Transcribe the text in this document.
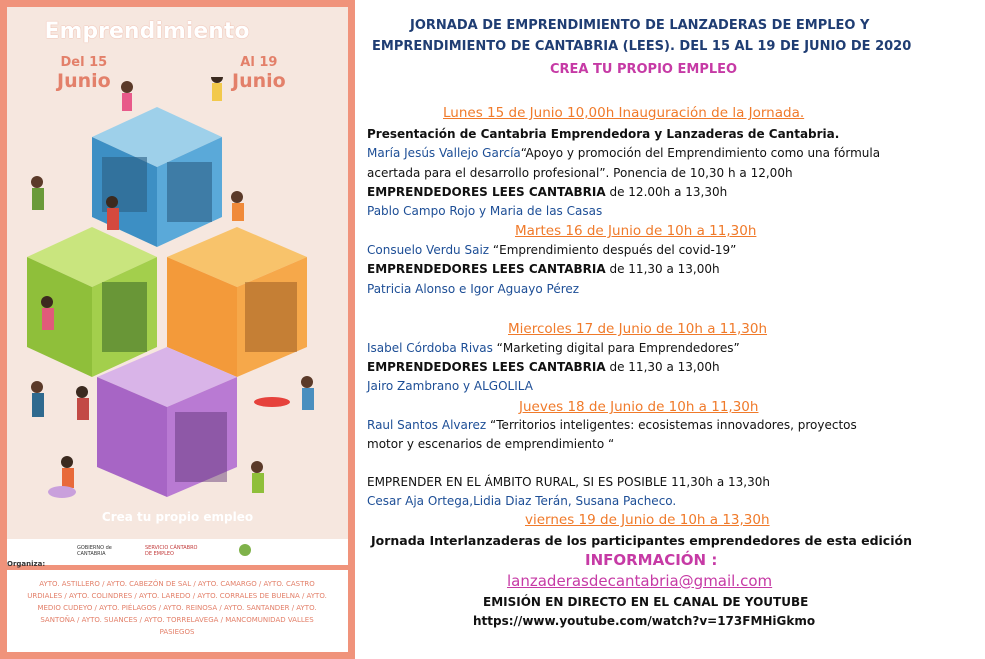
Emprendimiento
Del 15
Junio
Al 19
Junio
Crea tu propio empleo
GOBIERNO de CANTABRIA
SERVICIO CÁNTABRO DE EMPLEO
Organiza:
AYTO. ASTILLERO / AYTO. CABEZÓN DE SAL / AYTO. CAMARGO / AYTO. CASTRO URDIALES / AYTO. COLINDRES / AYTO. LAREDO / AYTO. CORRALES DE BUELNA / AYTO. MEDIO CUDEYO / AYTO. PIÉLAGOS / AYTO. REINOSA / AYTO. SANTANDER / AYTO. SANTOÑA / AYTO. SUANCES / AYTO. TORRELAVEGA / MANCOMUNIDAD VALLES PASIEGOS
JORNADA DE EMPRENDIMIENTO DE LANZADERAS DE EMPLEO Y
EMPRENDIMIENTO DE CANTABRIA (LEES). DEL 15 AL 19 DE JUNIO DE 2020
CREA TU PROPIO EMPLEO
Lunes 15 de Junio 10,00h Inauguración de la Jornada.
Presentación de Cantabria Emprendedora y Lanzaderas de Cantabria.
María Jesús Vallejo García“Apoyo y promoción del Emprendimiento como una fórmula
acertada para el desarrollo profesional”. Ponencia de 10,30 h a 12,00h
EMPRENDEDORES LEES CANTABRIA de 12.00h a 13,30h
Pablo Campo Rojo y Maria de las Casas
Martes 16 de Junio de 10h a 11,30h
Consuelo Verdu Saiz “Emprendimiento después del covid-19”
EMPRENDEDORES LEES CANTABRIA de 11,30 a 13,00h
Patricia Alonso e Igor Aguayo Pérez
Miercoles 17 de Junio de 10h a 11,30h
Isabel Córdoba Rivas “Marketing digital para Emprendedores”
EMPRENDEDORES LEES CANTABRIA de 11,30 a 13,00h
Jairo Zambrano y ALGOLILA
Jueves 18 de Junio de 10h a 11,30h
Raul Santos Alvarez “Territorios inteligentes: ecosistemas innovadores, proyectos
motor y escenarios de emprendimiento “
EMPRENDER EN EL ÁMBITO RURAL, SI ES POSIBLE 11,30h a 13,30h
Cesar Aja Ortega,Lidia Diaz Terán, Susana Pacheco.
viernes 19 de Junio de 10h a 13,30h
Jornada Interlanzaderas de los participantes emprendedores de esta edición
INFORMACIÓN :
lanzaderasdecantabria@gmail.com
EMISIÓN EN DIRECTO EN EL CANAL DE YOUTUBE
https://www.youtube.com/watch?v=173FMHiGkmo
